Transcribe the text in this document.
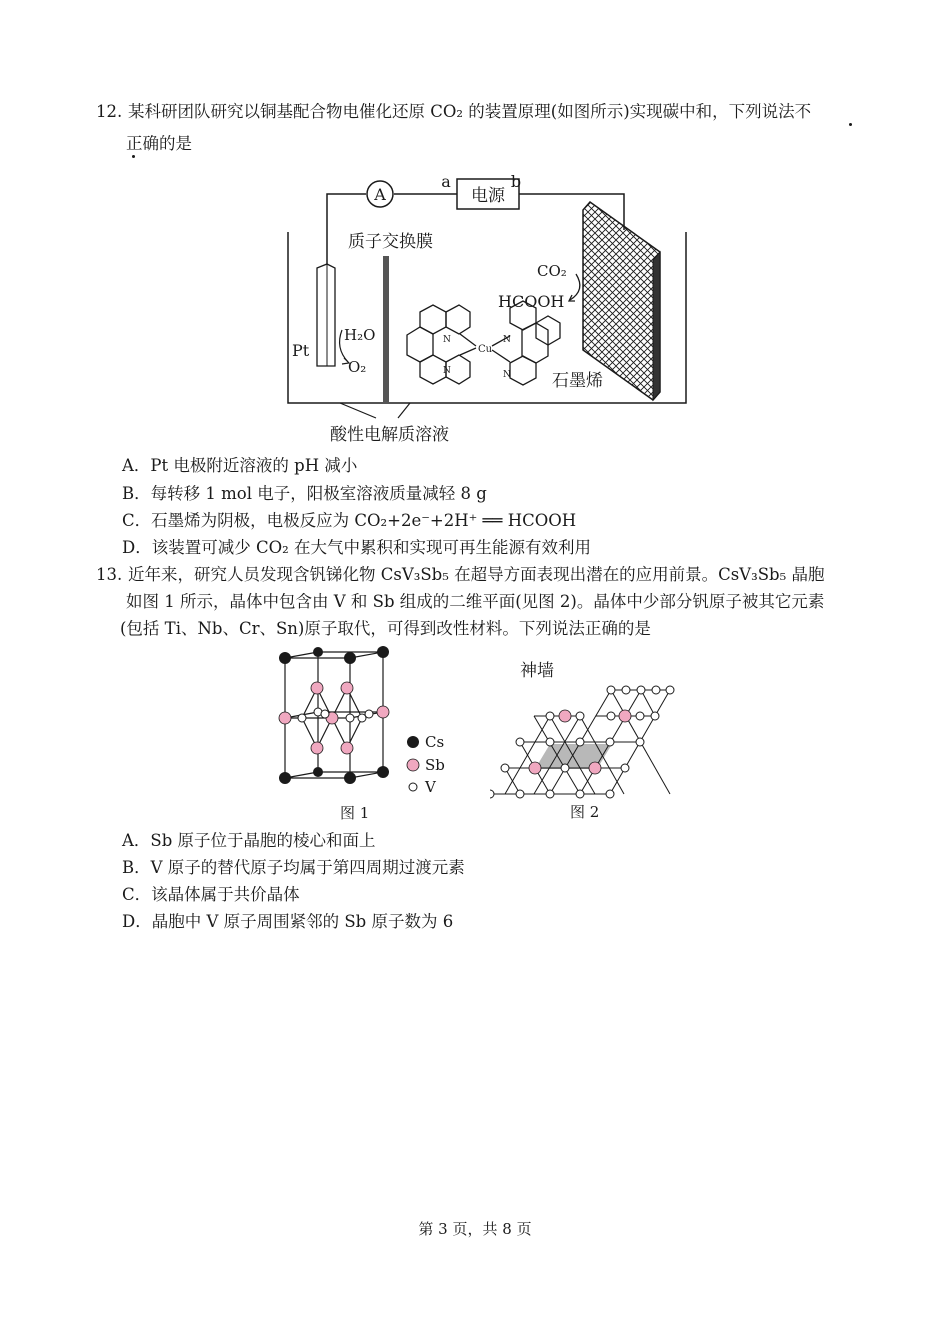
12. 某科研团队研究以铜基配合物电催化还原 CO₂ 的装置原理(如图所示)实现碳中和，下列说法不
正确的是
A	电源
a	b
Pt
H₂O
O₂
质子交换膜
N
N
Cu
N
N
CO₂
HCOOH
石墨烯
酸性电解质溶液
A．Pt 电极附近溶液的 pH 减小
B．每转移 1 mol 电子，阳极室溶液质量减轻 8 g
C．石墨烯为阴极，电极反应为 CO₂+2e⁻+2H⁺ ══ HCOOH
D．该装置可减少 CO₂ 在大气中累积和实现可再生能源有效利用
13. 近年来，研究人员发现含钒锑化物 CsV₃Sb₅ 在超导方面表现出潜在的应用前景。CsV₃Sb₅ 晶胞
如图 1 所示，晶体中包含由 V 和 Sb 组成的二维平面(见图 2)。晶体中少部分钒原子被其它元素
(包括 Ti、Nb、Cr、Sn)原子取代，可得到改性材料。下列说法正确的是
Cs
Sb
V
图 1
神墙
图 2
A．Sb 原子位于晶胞的棱心和面上
B．V 原子的替代原子均属于第四周期过渡元素
C．该晶体属于共价晶体
D．晶胞中 V 原子周围紧邻的 Sb 原子数为 6
第 3 页，共 8 页
